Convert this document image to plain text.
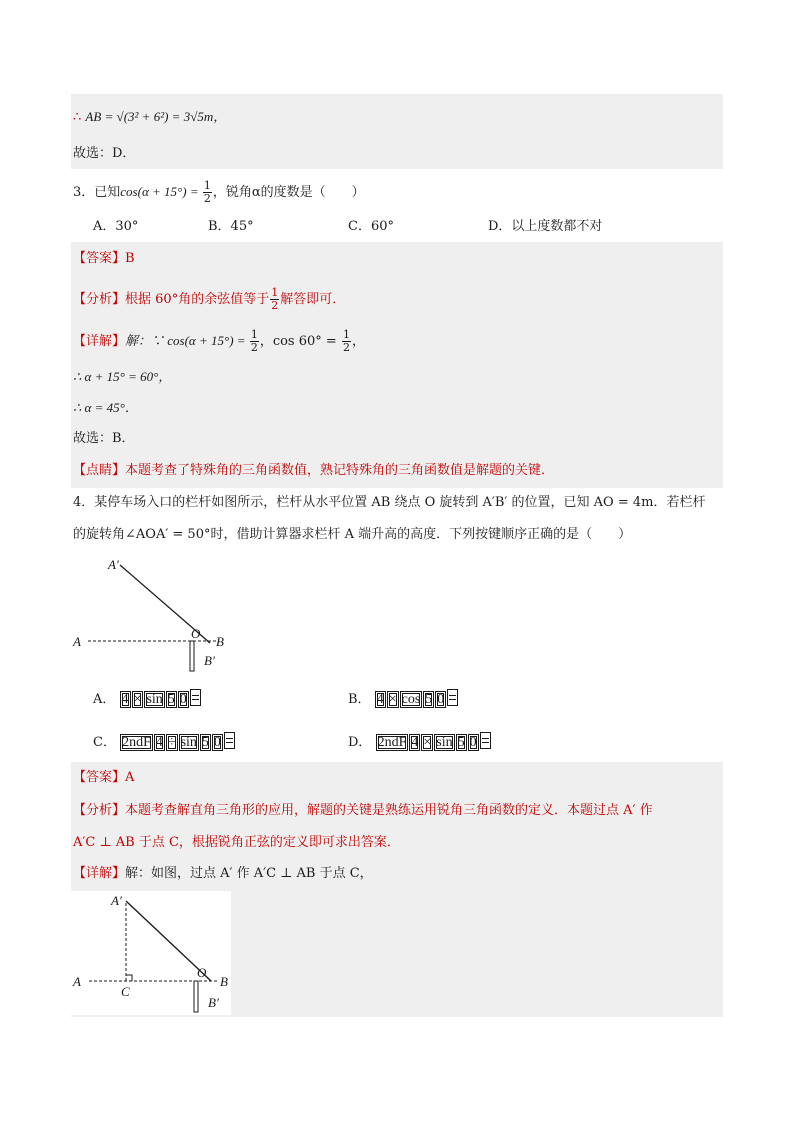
∴ AB = √(3² + 6²) = 3√5m，
故选：D．
3．已知$\cos(\alpha + 15^\circ) = \frac{1}{2}$ ，锐角α的度数是（　　）
A．30°	B．45°	C．60°	D．以上度数都不对
【答案】B
【分析】根据 60°角的余弦值等于 $\frac{1}{2}$ 解答即可．
【详解】解：∵ $\cos(\alpha + 15^\circ) = \frac{1}{2}$ ，$\cos 60^\circ = \frac{1}{2}$ ，
∴ α + 15° = 60°，
∴ α = 45°．
故选：B．
【点睛】本题考查了特殊角的三角函数值，熟记特殊角的三角函数值是解题的关键．
4．某停车场入口的栏杆如图所示，栏杆从水平位置 AB 绕点 O 旋转到 A′B′ 的位置，已知 AO = 4m．若栏杆
的旋转角∠AOA′ = 50°时，借助计算器求栏杆 A 端升高的高度．下列按键顺序正确的是（　　）
A′
A
O
B
B′
A． 4 × sin 5 0	B． 4 × cos 5 0
C． 2ndF 4 ÷ sin 5 0	D． 2ndF 4 × sin 5 0
【答案】A
【分析】本题考查解直角三角形的应用，解题的关键是熟练运用锐角三角函数的定义．本题过点 A′ 作
A′C ⊥ AB 于点 C，根据锐角正弦的定义即可求出答案．
【详解】解：如图，过点 A′ 作 A′C ⊥ AB 于点 C，
A′
A
C
O
B
B′
